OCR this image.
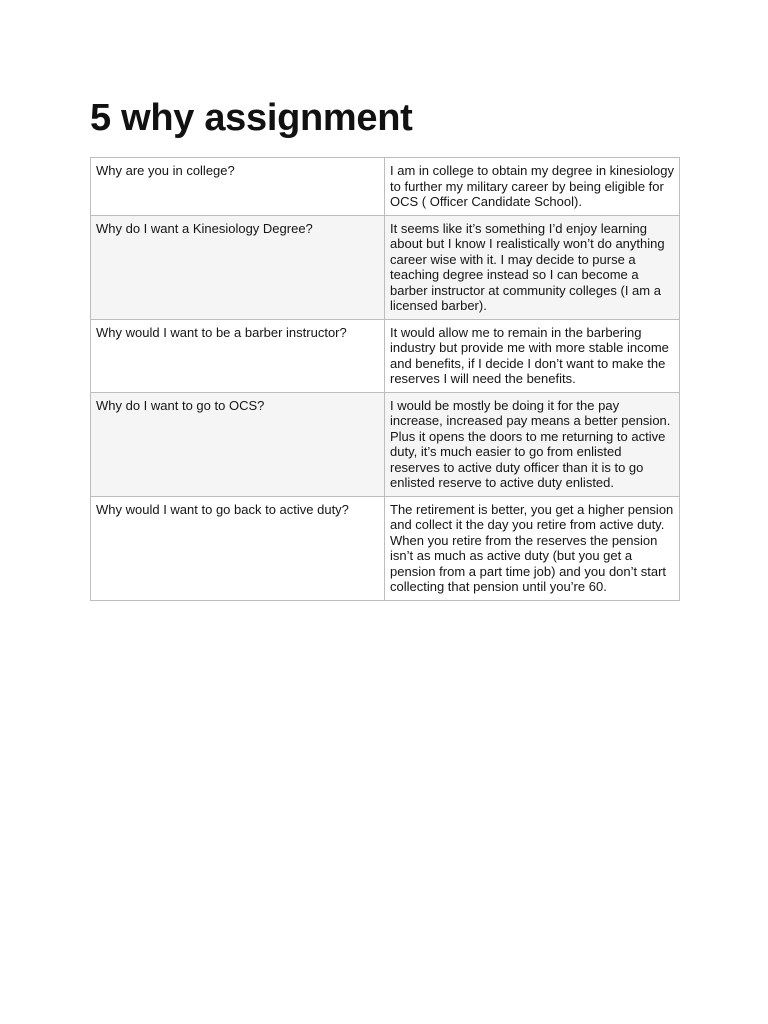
5 why assignment
Why are you in college?	I am in college to obtain my degree in kinesiology to further my military career by being eligible for OCS ( Officer Candidate School).
Why do I want a Kinesiology Degree?	It seems like it’s something I’d enjoy learning about but I know I realistically won’t do anything career wise with it. I may decide to purse a teaching degree instead so I can become a barber instructor at community colleges (I am a licensed barber).
Why would I want to be a barber instructor?	It would allow me to remain in the barbering industry but provide me with more stable income and benefits, if I decide I don’t want to make the reserves I will need the benefits.
Why do I want to go to OCS?	I would be mostly be doing it for the pay increase, increased pay means a better pension. Plus it opens the doors to me returning to active duty, it’s much easier to go from enlisted reserves to active duty officer than it is to go enlisted reserve to active duty enlisted.
Why would I want to go back to active duty?	The retirement is better, you get a higher pension and collect it the day you retire from active duty. When you retire from the reserves the pension isn’t as much as active duty (but you get a pension from a part time job) and you don’t start collecting that pension until you’re 60.
